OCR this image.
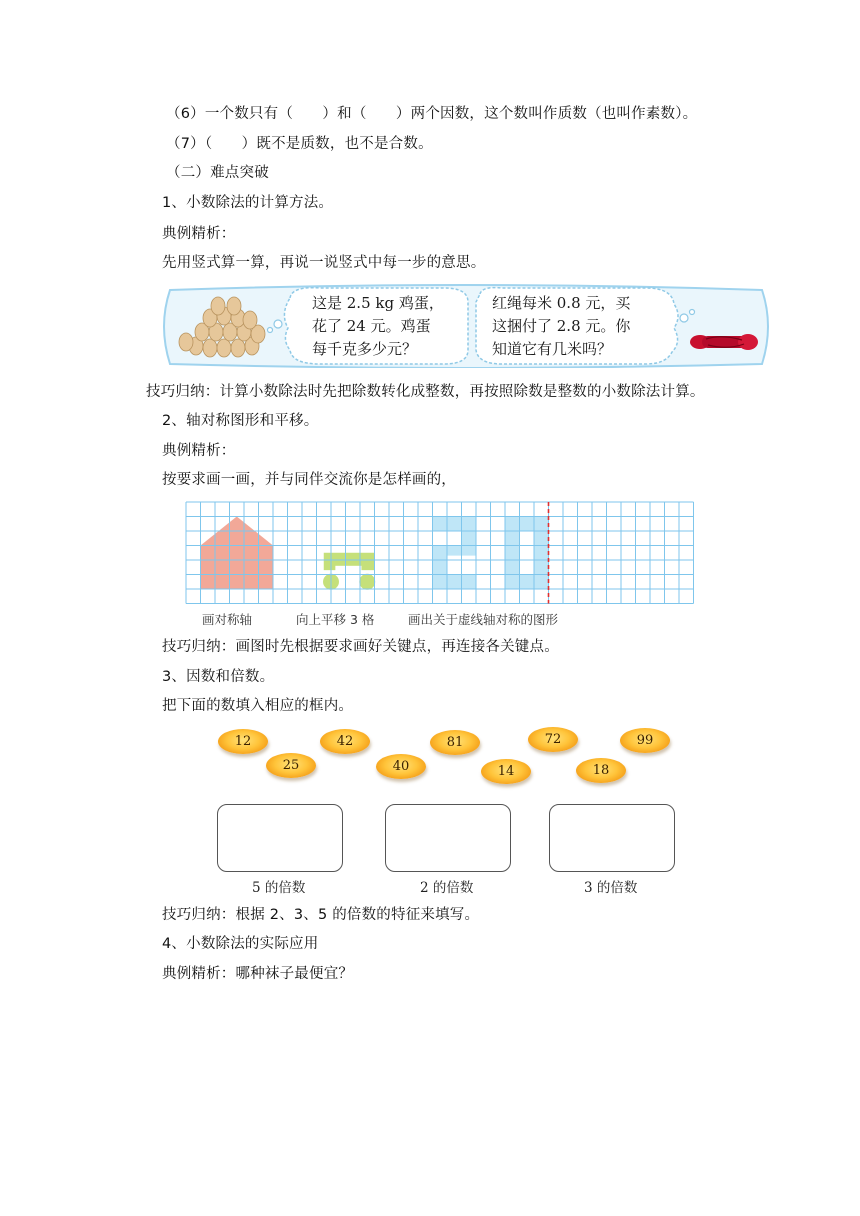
（6）一个数只有（　　）和（　　）两个因数，这个数叫作质数（也叫作素数）。
（7）（　　）既不是质数，也不是合数。
（二）难点突破
1、小数除法的计算方法。
典例精析：
先用竖式算一算，再说一说竖式中每一步的意思。
这是 2.5 kg 鸡蛋，
花了 24 元。鸡蛋
每千克多少元？
红绳每米 0.8 元，买
这捆付了 2.8 元。你
知道它有几米吗？
技巧归纳：计算小数除法时先把除数转化成整数，再按照除数是整数的小数除法计算。
2、轴对称图形和平移。
典例精析：
按要求画一画，并与同伴交流你是怎样画的，
画对称轴	向上平移 3 格	画出关于虚线轴对称的图形
技巧归纳：画图时先根据要求画好关键点，再连接各关键点。
3、因数和倍数。
把下面的数填入相应的框内。
12	42	81	72	99
25	40	14	18
5 的倍数	2 的倍数	3 的倍数
技巧归纳：根据 2、3、5 的倍数的特征来填写。
4、小数除法的实际应用
典例精析：哪种袜子最便宜？
